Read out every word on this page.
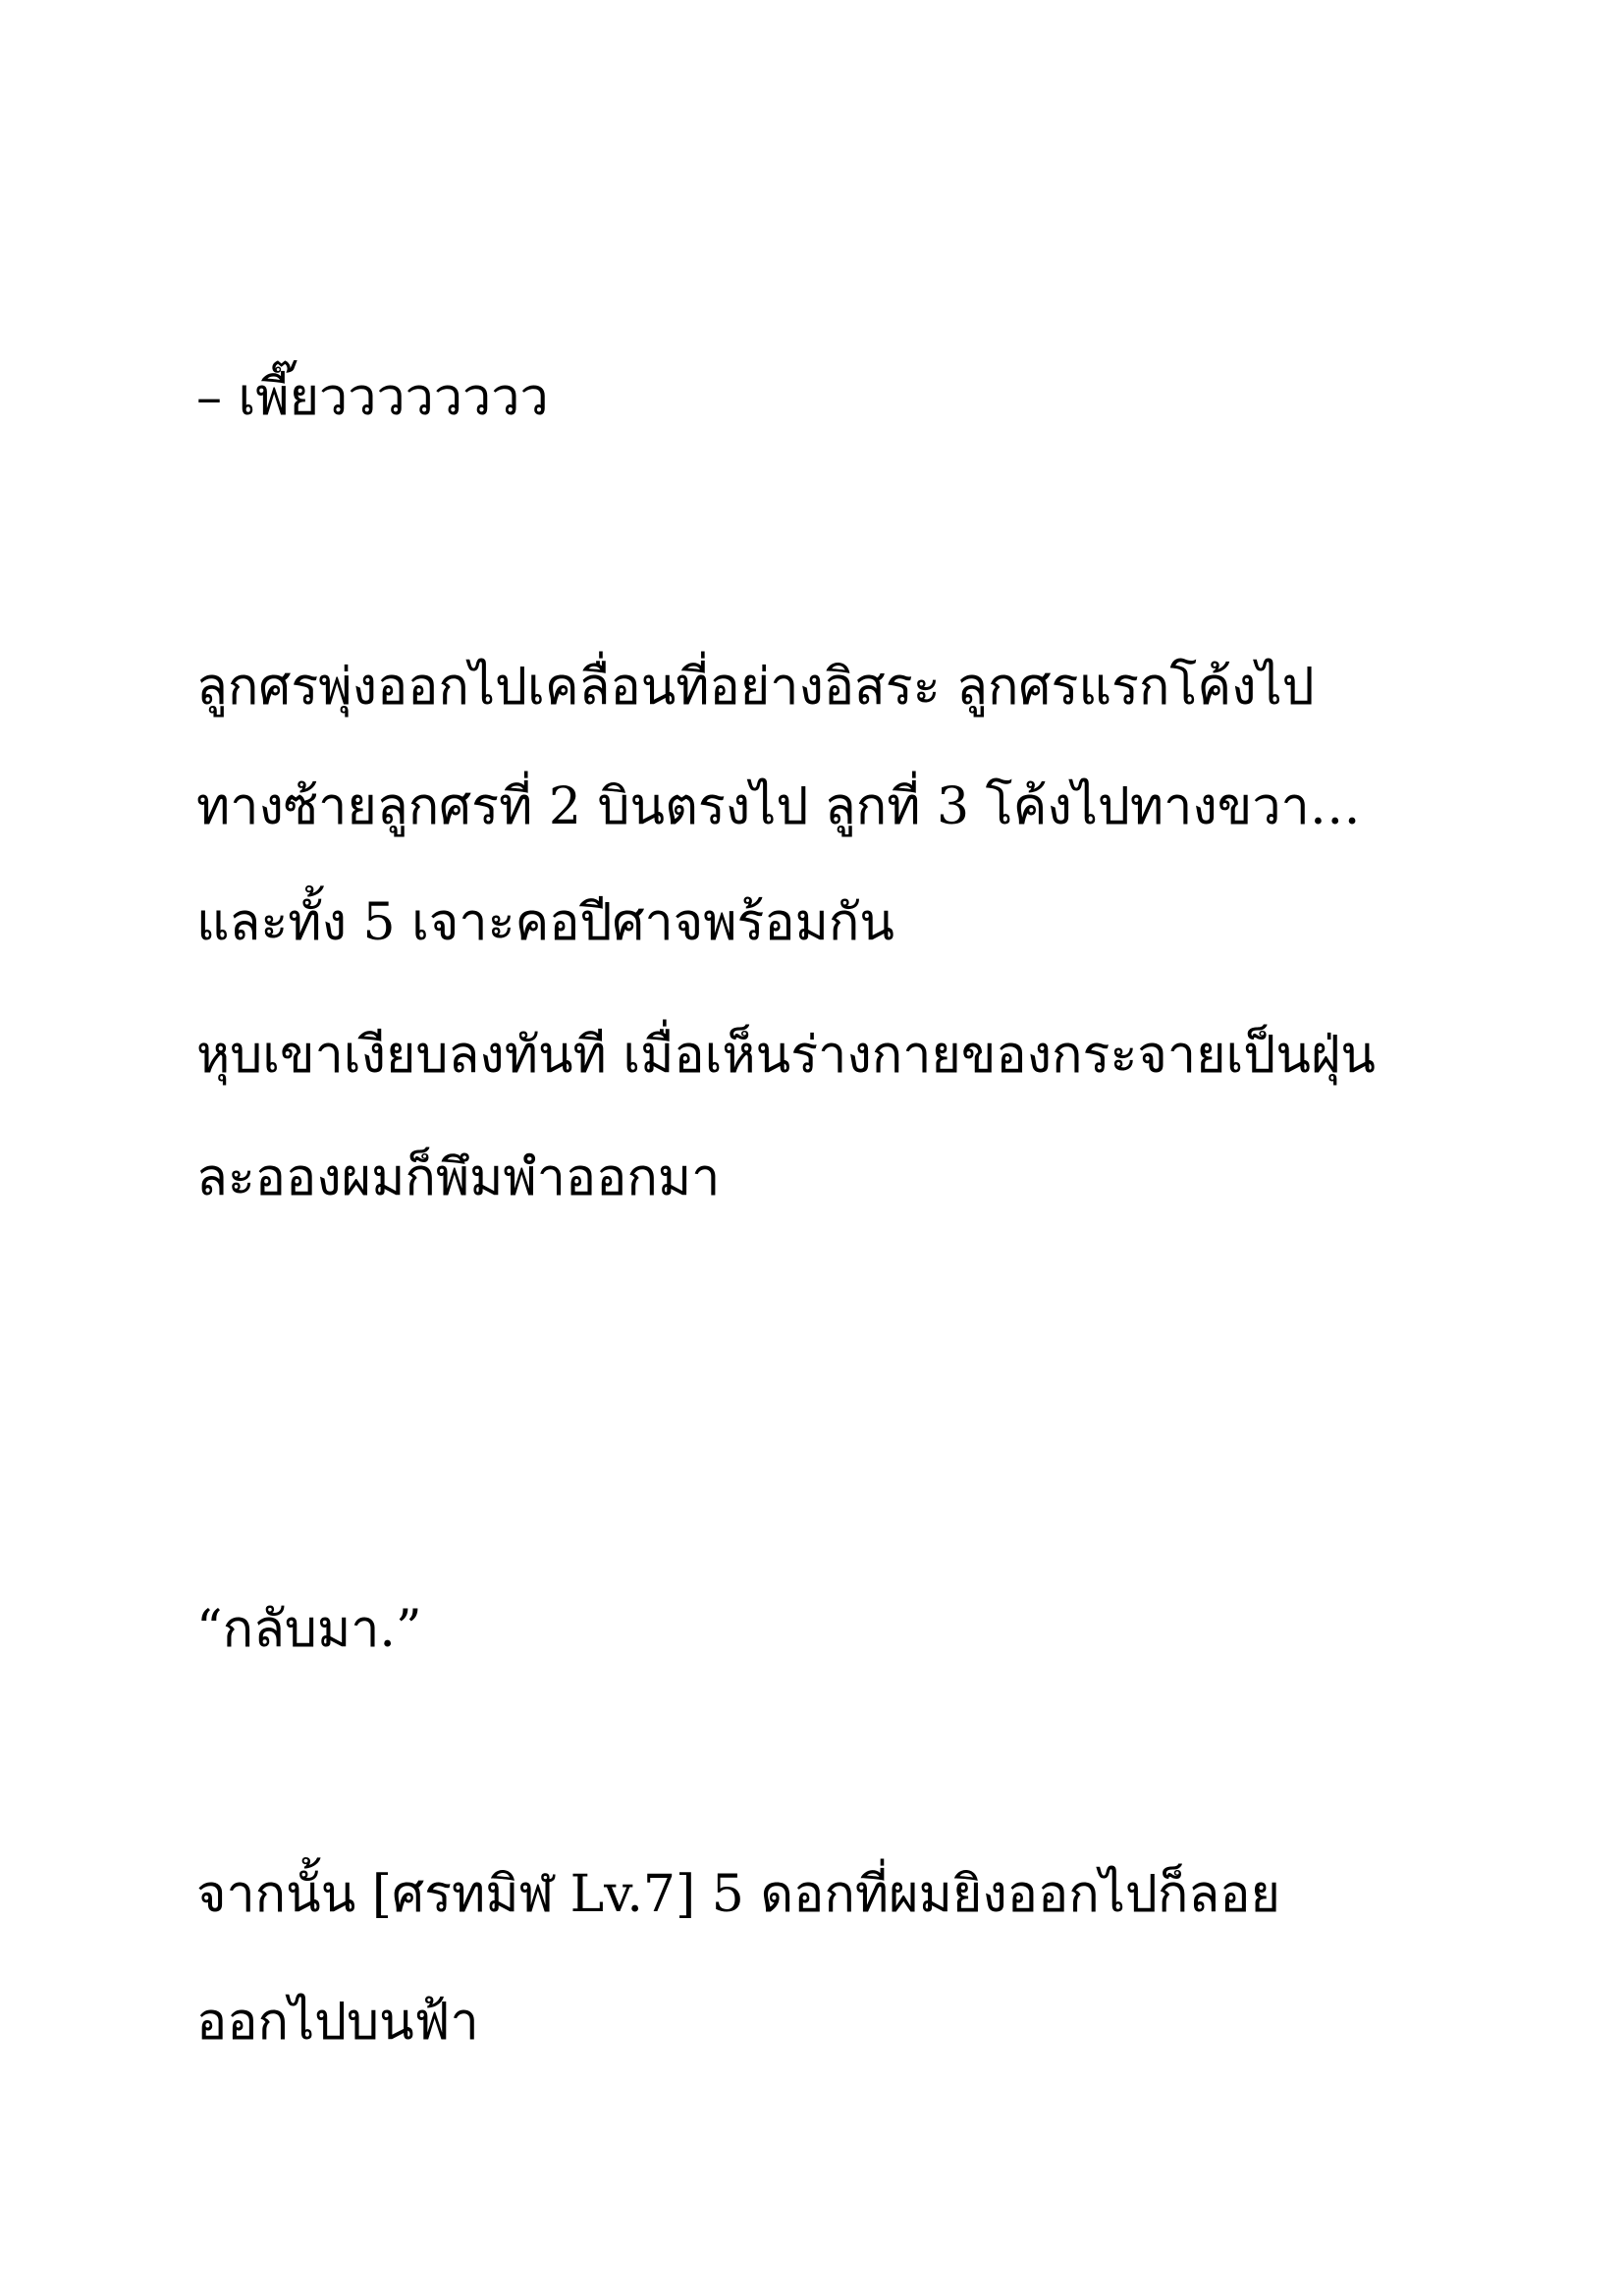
– เพี๊ยวววววววว

ลูกศรพุ่งออกไปเคลื่อนที่อย่างอิสระ ลูกศรแรกโค้งไป

ทางซ้ายลูกศรที่ 2 บินตรงไป ลูกที่ 3 โค้งไปทางขวา…

และทั้ง 5 เจาะคอปีศาจพร้อมกัน

หุบเขาเงียบลงทันที เมื่อเห็นร่างกายของกระจายเป็นฝุ่น

ละอองผมก็พึมพำออกมา

“กลับมา.”

จากนั้น [ศรทมิฬ Lv.7] 5 ดอกที่ผมยิงออกไปก็ลอย

ออกไปบนฟ้า
